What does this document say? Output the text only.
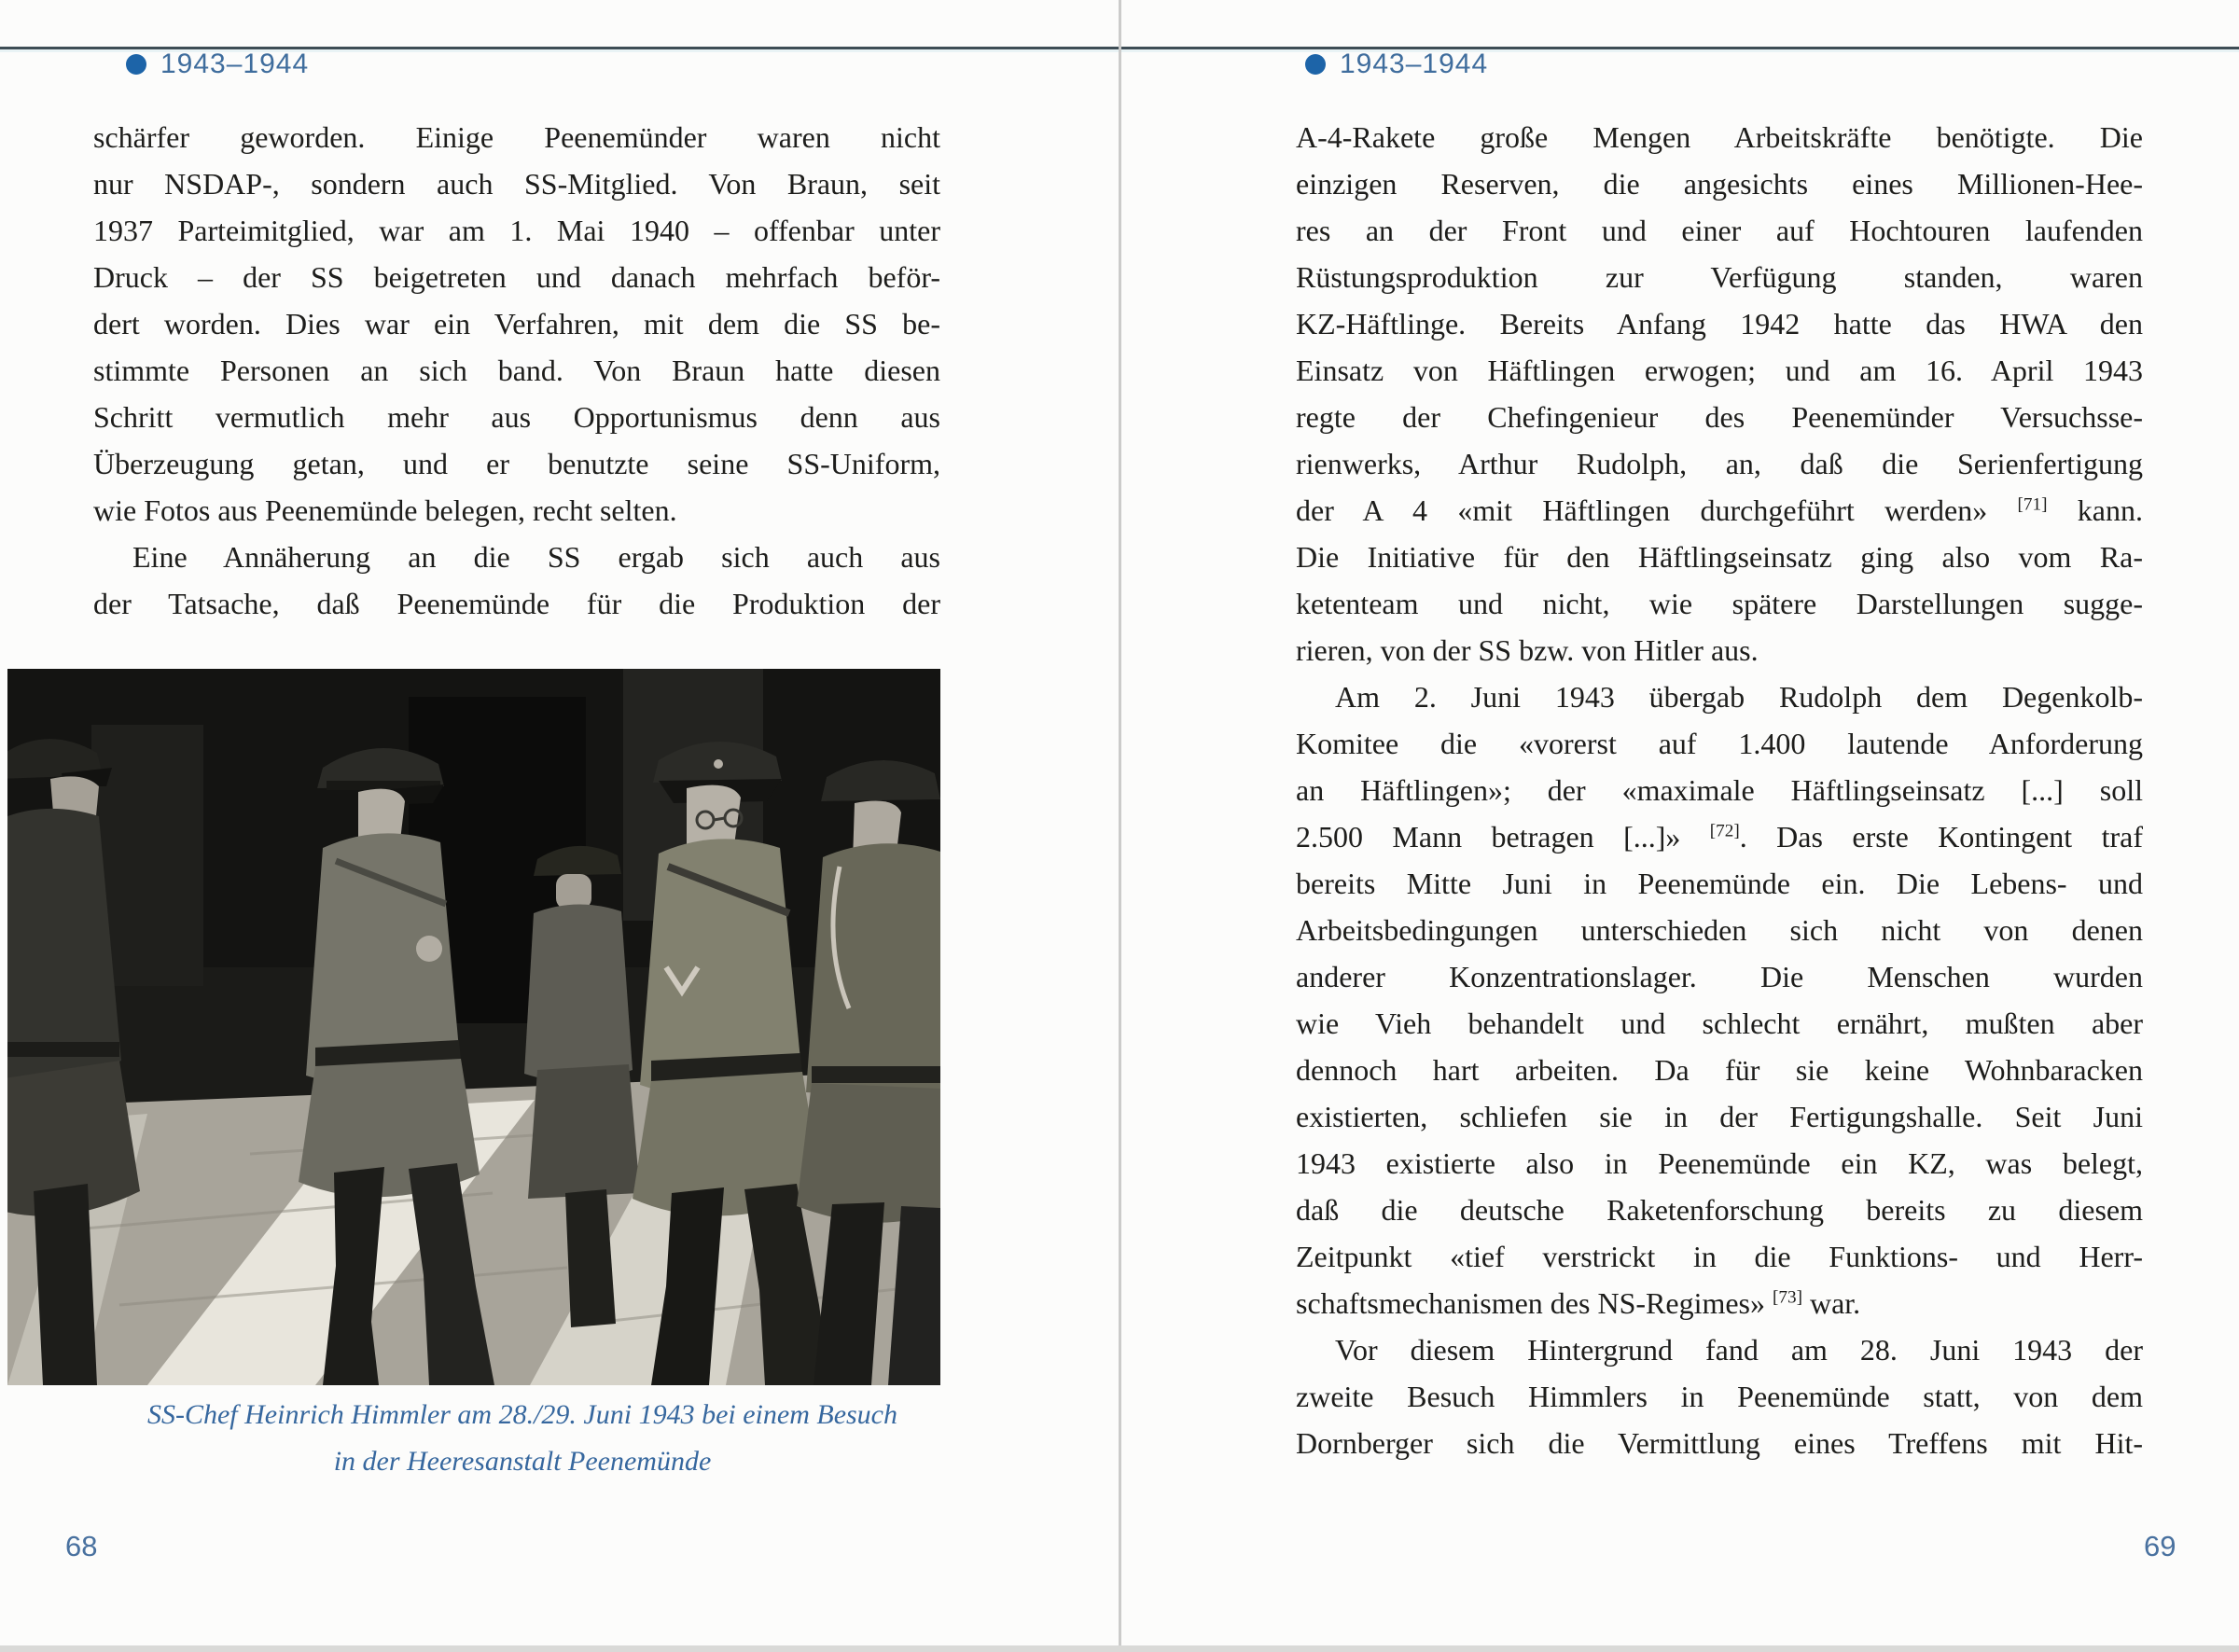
1943–1944
schärfer geworden. Einige Peenemünder waren nicht
nur NSDAP-, sondern auch SS-Mitglied. Von Braun, seit
1937 Parteimitglied, war am 1. Mai 1940 – offenbar unter
Druck – der SS beigetreten und danach mehrfach beför-
dert worden. Dies war ein Verfahren, mit dem die SS be-
stimmte Personen an sich band. Von Braun hatte diesen
Schritt vermutlich mehr aus Opportunismus denn aus
Überzeugung getan, und er benutzte seine SS-Uniform,
wie Fotos aus Peenemünde belegen, recht selten.
Eine Annäherung an die SS ergab sich auch aus
der Tatsache, daß Peenemünde für die Produktion der
SS-Chef Heinrich Himmler am 28./29. Juni 1943 bei einem Besuch
in der Heeresanstalt Peenemünde
68
1943–1944
A-4-Rakete große Mengen Arbeitskräfte benötigte. Die
einzigen Reserven, die angesichts eines Millionen-Hee-
res an der Front und einer auf Hochtouren laufenden
Rüstungsproduktion zur Verfügung standen, waren
KZ-Häftlinge. Bereits Anfang 1942 hatte das HWA den
Einsatz von Häftlingen erwogen; und am 16. April 1943
regte der Chefingenieur des Peenemünder Versuchsse-
rienwerks, Arthur Rudolph, an, daß die Serienfertigung
der A 4 «mit Häftlingen durchgeführt werden» [71] kann.
Die Initiative für den Häftlingseinsatz ging also vom Ra-
ketenteam und nicht, wie spätere Darstellungen sugge-
rieren, von der SS bzw. von Hitler aus.
Am 2. Juni 1943 übergab Rudolph dem Degenkolb-
Komitee die «vorerst auf 1.400 lautende Anforderung
an Häftlingen»; der «maximale Häftlingseinsatz [...] soll
2.500 Mann betragen [...]» [72]. Das erste Kontingent traf
bereits Mitte Juni in Peenemünde ein. Die Lebens- und
Arbeitsbedingungen unterschieden sich nicht von denen
anderer Konzentrationslager. Die Menschen wurden
wie Vieh behandelt und schlecht ernährt, mußten aber
dennoch hart arbeiten. Da für sie keine Wohnbaracken
existierten, schliefen sie in der Fertigungshalle. Seit Juni
1943 existierte also in Peenemünde ein KZ, was belegt,
daß die deutsche Raketenforschung bereits zu diesem
Zeitpunkt «tief verstrickt in die Funktions- und Herr-
schaftsmechanismen des NS-Regimes» [73] war.
Vor diesem Hintergrund fand am 28. Juni 1943 der
zweite Besuch Himmlers in Peenemünde statt, von dem
Dornberger sich die Vermittlung eines Treffens mit Hit-
69
